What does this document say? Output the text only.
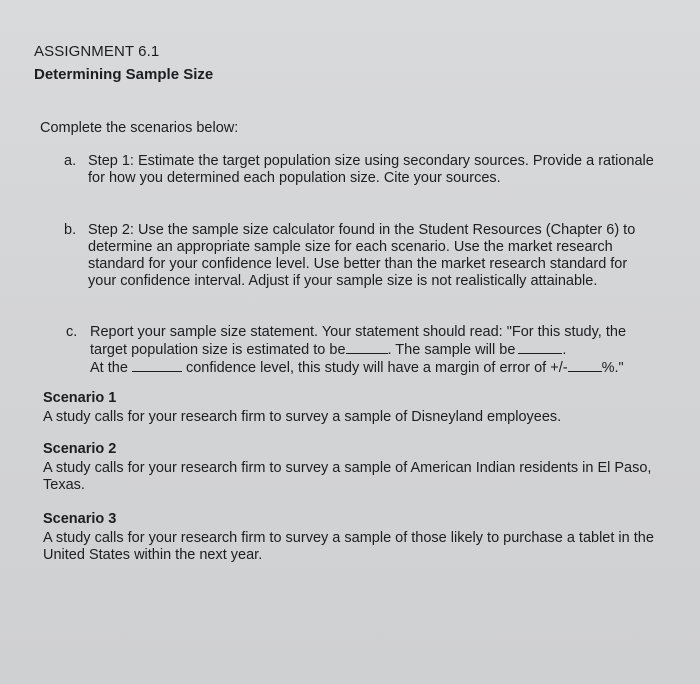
ASSIGNMENT 6.1
Determining Sample Size
Complete the scenarios below:
a. Step 1: Estimate the target population size using secondary sources. Provide a rationale
for how you determined each population size. Cite your sources.
b. Step 2: Use the sample size calculator found in the Student Resources (Chapter 6) to
determine an appropriate sample size for each scenario. Use the market research
standard for your confidence level. Use better than the market research standard for
your confidence interval. Adjust if your sample size is not realistically attainable.
c. Report your sample size statement. Your statement should read: "For this study, the
target population size is estimated to be	. The sample will be	.
At the	confidence level, this study will have a margin of error of +/- %."
Scenario 1
A study calls for your research firm to survey a sample of Disneyland employees.
Scenario 2
A study calls for your research firm to survey a sample of American Indian residents in El Paso,
Texas.
Scenario 3
A study calls for your research firm to survey a sample of those likely to purchase a tablet in the
United States within the next year.
